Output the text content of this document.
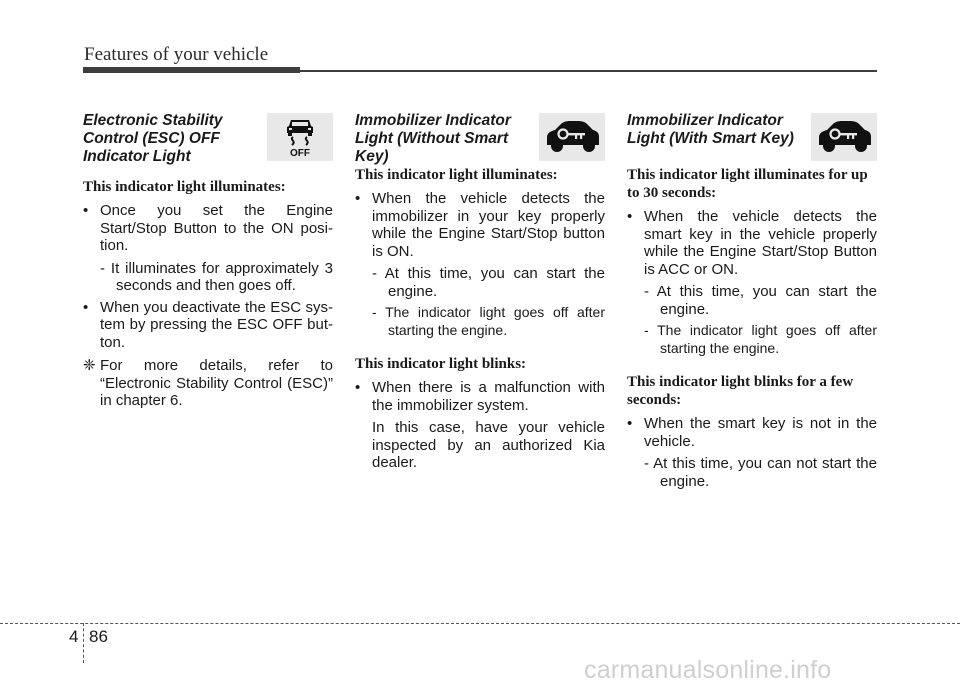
Features of your vehicle
Electronic Stability
Control (ESC) OFF
Indicator Light
This indicator light illuminates:
• Once you set the Engine Start/Stop Button to the ON posi-tion.
- It illuminates for approximately 3 seconds and then goes off.
• When you deactivate the ESC sys-tem by pressing the ESC OFF but-ton.
❈ For more details, refer to “Electronic Stability Control (ESC)” in chapter 6.
OFF
Immobilizer Indicator
Light (Without Smart Key)
This indicator light illuminates:
• When the vehicle detects the immobilizer in your key properly while the Engine Start/Stop button is ON.
- At this time, you can start the engine.
- The indicator light goes off after starting the engine.
This indicator light blinks:
• When there is a malfunction with the immobilizer system.
In this case, have your vehicle inspected by an authorized Kia dealer.
Immobilizer Indicator
Light (With Smart Key)
This indicator light illuminates for up to 30 seconds:
• When the vehicle detects the smart key in the vehicle properly while the Engine Start/Stop Button is ACC or ON.
- At this time, you can start the engine.
- The indicator light goes off after starting the engine.
This indicator light blinks for a few seconds:
• When the smart key is not in the vehicle.
- At this time, you can not start the engine.
4 86
carmanualsonline.info
